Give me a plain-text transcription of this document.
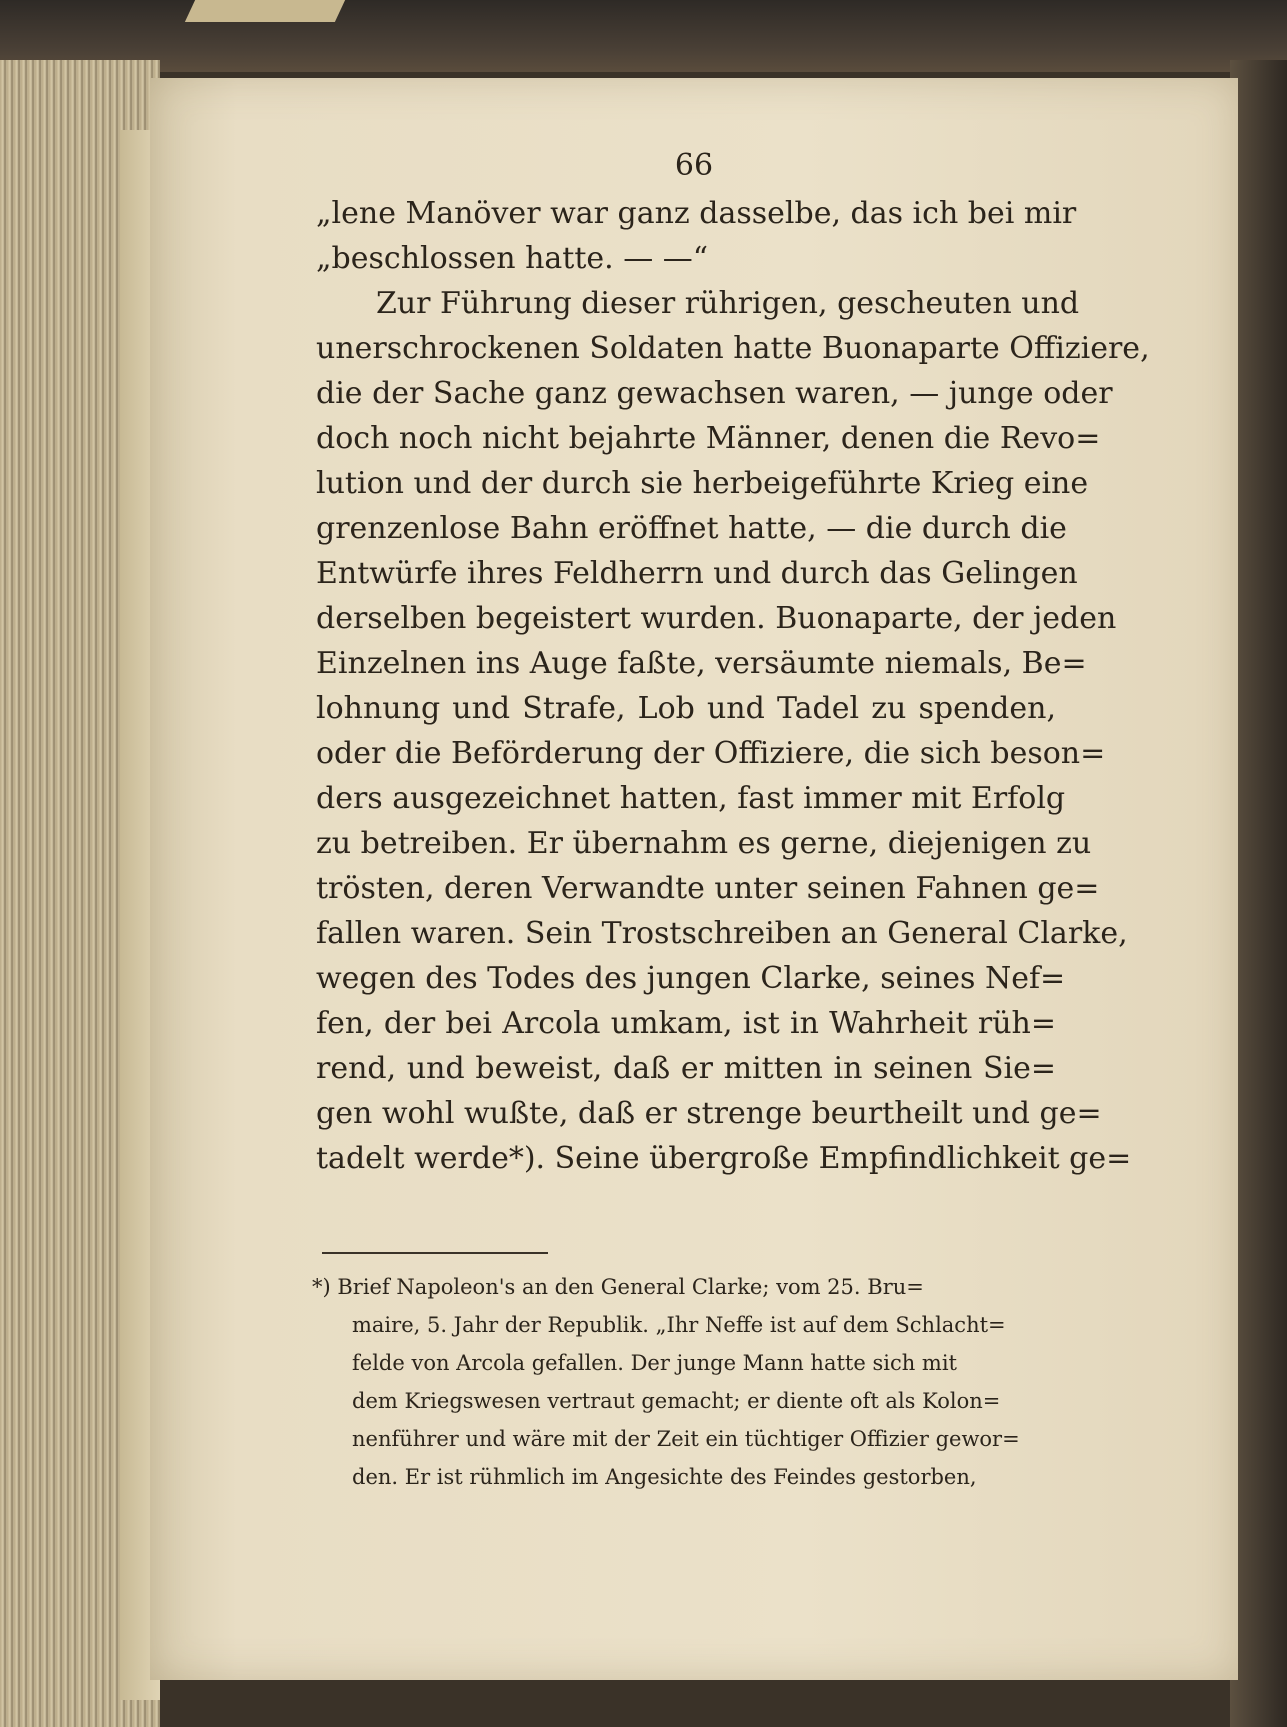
66
„lene Manöver war ganz dasselbe, das ich bei mir
„beschlossen hatte. — —“
Zur Führung dieser rührigen, gescheuten und
unerschrockenen Soldaten hatte Buonaparte Offiziere,
die der Sache ganz gewachsen waren, — junge oder
doch noch nicht bejahrte Männer, denen die Revo=
lution und der durch sie herbeigeführte Krieg eine
grenzenlose Bahn eröffnet hatte, — die durch die
Entwürfe ihres Feldherrn und durch das Gelingen
derselben begeistert wurden. Buonaparte, der jeden
Einzelnen ins Auge faßte, versäumte niemals, Be=
lohnung und Strafe, Lob und Tadel zu spenden,
oder die Beförderung der Offiziere, die sich beson=
ders ausgezeichnet hatten, fast immer mit Erfolg
zu betreiben. Er übernahm es gerne, diejenigen zu
trösten, deren Verwandte unter seinen Fahnen ge=
fallen waren. Sein Trostschreiben an General Clarke,
wegen des Todes des jungen Clarke, seines Nef=
fen, der bei Arcola umkam, ist in Wahrheit rüh=
rend, und beweist, daß er mitten in seinen Sie=
gen wohl wußte, daß er strenge beurtheilt und ge=
tadelt werde*). Seine übergroße Empfindlichkeit ge=
*) Brief Napoleon's an den General Clarke; vom 25. Bru=
maire, 5. Jahr der Republik. „Ihr Neffe ist auf dem Schlacht=
felde von Arcola gefallen. Der junge Mann hatte sich mit
dem Kriegswesen vertraut gemacht; er diente oft als Kolon=
nenführer und wäre mit der Zeit ein tüchtiger Offizier gewor=
den. Er ist rühmlich im Angesichte des Feindes gestorben,
